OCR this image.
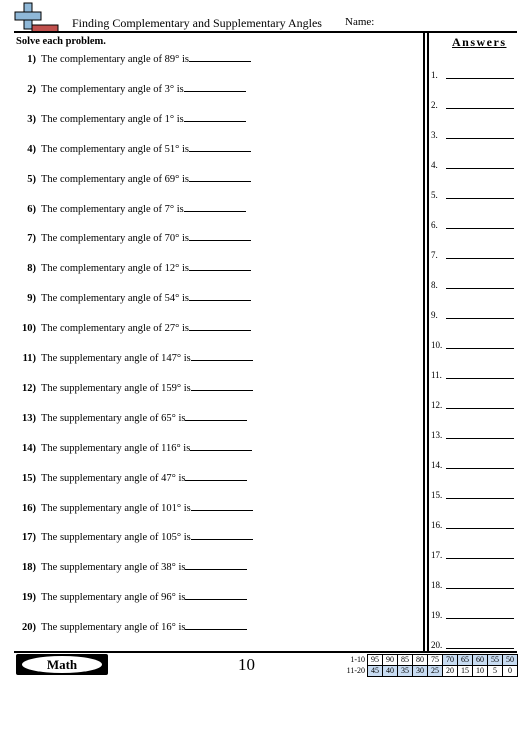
Finding Complementary and Supplementary Angles Name:
Solve each problem.
1) The complementary angle of 89° is
2) The complementary angle of 3° is
3) The complementary angle of 1° is
4) The complementary angle of 51° is
5) The complementary angle of 69° is
6) The complementary angle of 7° is
7) The complementary angle of 70° is
8) The complementary angle of 12° is
9) The complementary angle of 54° is
10) The complementary angle of 27° is
11) The supplementary angle of 147° is
12) The supplementary angle of 159° is
13) The supplementary angle of 65° is
14) The supplementary angle of 116° is
15) The supplementary angle of 47° is
16) The supplementary angle of 101° is
17) The supplementary angle of 105° is
18) The supplementary angle of 38° is
19) The supplementary angle of 96° is
20) The supplementary angle of 16° is
Answers
1.
2.
3.
4.
5.
6.
7.
8.
9.
10.
11.
12.
13.
14.
15.
16.
17.
18.
19.
20.
Math	10	1-10	95	90	85	80	75	70	65	60	55	50
11-20	45	40	35	30	25	20	15	10	5	0
